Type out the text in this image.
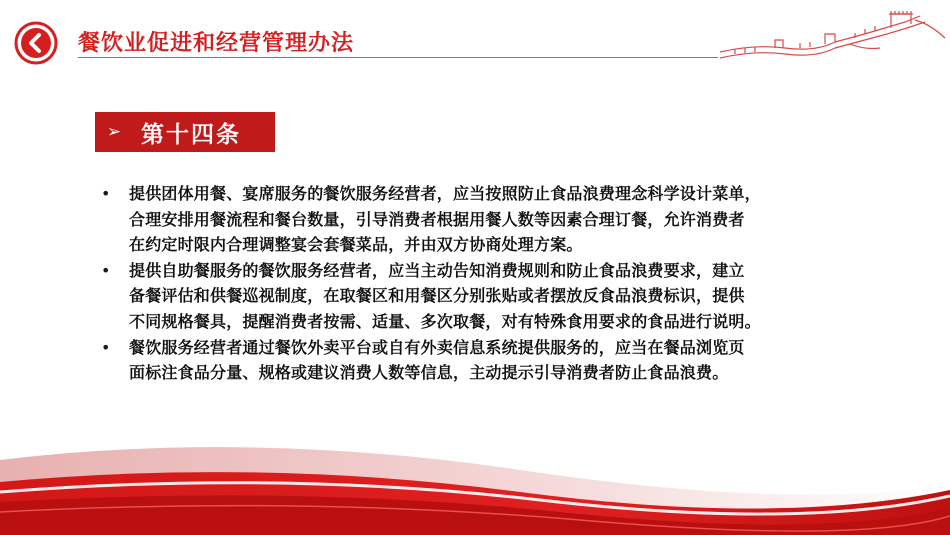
餐饮业促进和经营管理办法
➢ 第十四条
•	提供团体用餐、宴席服务的餐饮服务经营者，应当按照防止食品浪费理念科学设计菜单，
合理安排用餐流程和餐台数量，引导消费者根据用餐人数等因素合理订餐，允许消费者
在约定时限内合理调整宴会套餐菜品，并由双方协商处理方案。
•	提供自助餐服务的餐饮服务经营者，应当主动告知消费规则和防止食品浪费要求，建立
备餐评估和供餐巡视制度，在取餐区和用餐区分别张贴或者摆放反食品浪费标识，提供
不同规格餐具，提醒消费者按需、适量、多次取餐，对有特殊食用要求的食品进行说明。
•	餐饮服务经营者通过餐饮外卖平台或自有外卖信息系统提供服务的，应当在餐品浏览页
面标注食品分量、规格或建议消费人数等信息，主动提示引导消费者防止食品浪费。
